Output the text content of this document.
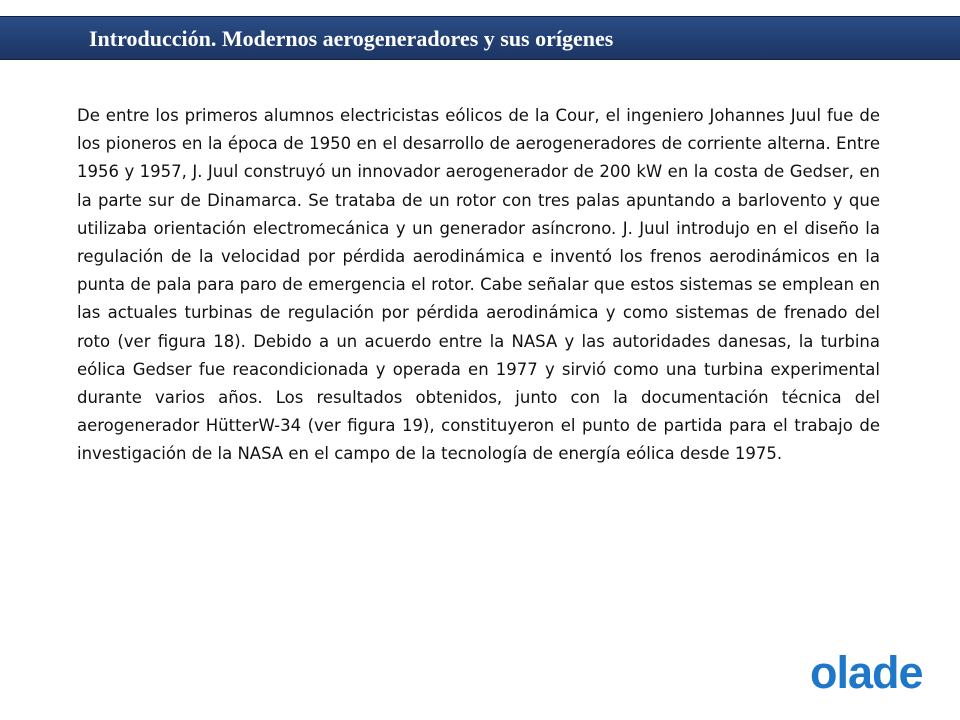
Introducción. Modernos aerogeneradores y sus orígenes

De entre los primeros alumnos electricistas eólicos de la Cour, el ingeniero Johannes Juul fue de los pioneros en la época de 1950 en el desarrollo de aerogeneradores de corriente alterna. Entre 1956 y 1957, J. Juul construyó un innovador aerogenerador de 200 kW en la costa de Gedser, en la parte sur de Dinamarca. Se trataba de un rotor con tres palas apuntando a barlovento y que utilizaba orientación electromecánica y un generador asíncrono. J. Juul introdujo en el diseño la regulación de la velocidad por pérdida aerodinámica e inventó los frenos aerodinámicos en la punta de pala para paro de emergencia el rotor. Cabe señalar que estos sistemas se emplean en las actuales turbinas de regulación por pérdida aerodinámica y como sistemas de frenado del roto (ver figura 18). Debido a un acuerdo entre la NASA y las autoridades danesas, la turbina eólica Gedser fue reacondicionada y operada en 1977 y sirvió como una turbina experimental durante varios años. Los resultados obtenidos, junto con la documentación técnica del aerogenerador HütterW-34 (ver figura 19), constituyeron el punto de partida para el trabajo de investigación de la NASA en el campo de la tecnología de energía eólica desde 1975.

olade
